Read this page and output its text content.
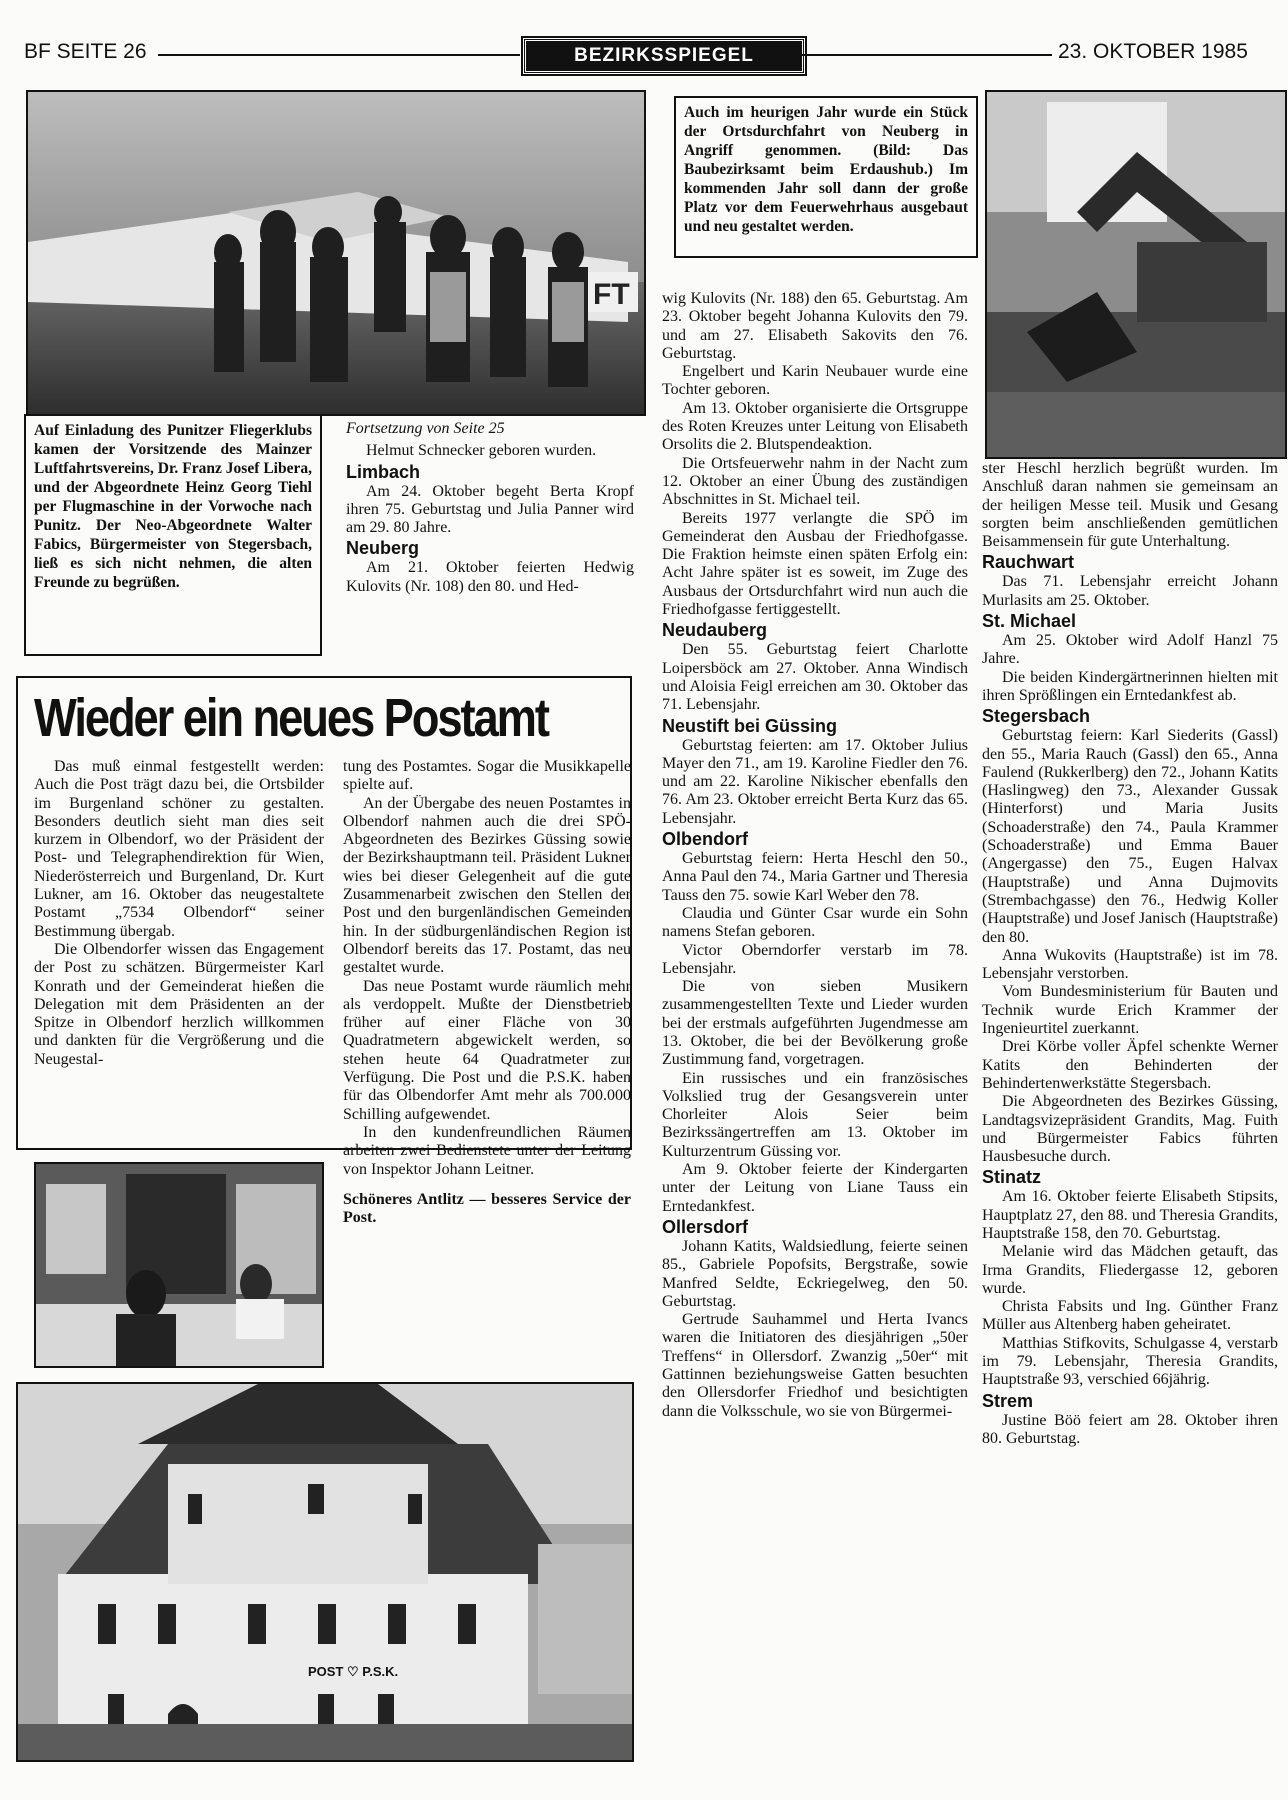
BF SEITE 26	BEZIRKSSPIEGEL	23. OKTOBER 1985
FT
Auf Einladung des Punitzer Fliegerklubs kamen der Vorsitzende des Mainzer Luftfahrtsvereins, Dr. Franz Josef Libera, und der Abgeordnete Heinz Georg Tiehl per Flugmaschine in der Vorwoche nach Punitz. Der Neo-Abgeordnete Walter Fabics, Bürgermeister von Stegersbach, ließ es sich nicht nehmen, die alten Freunde zu begrüßen.
Auch im heurigen Jahr wurde ein Stück der Ortsdurchfahrt von Neuberg in Angriff genommen. (Bild: Das Baubezirksamt beim Erdaushub.) Im kommenden Jahr soll dann der große Platz vor dem Feuerwehrhaus ausgebaut und neu gestaltet werden.

Fortsetzung von Seite 25

Helmut Schnecker geboren wurden.

Limbach

Am 24. Oktober begeht Berta Kropf ihren 75. Geburtstag und Julia Panner wird am 29. 80 Jahre.

Neuberg

Am 21. Oktober feierten Hedwig Kulovits (Nr. 108) den 80. und Hed-

Wieder ein neues Postamt

Das muß einmal festgestellt werden: Auch die Post trägt dazu bei, die Ortsbilder im Burgenland schöner zu gestalten. Besonders deutlich sieht man dies seit kurzem in Olbendorf, wo der Präsident der Post- und Telegraphendirektion für Wien, Niederösterreich und Burgenland, Dr. Kurt Lukner, am 16. Oktober das neugestaltete Postamt „7534 Olbendorf“ seiner Bestimmung übergab.

Die Olbendorfer wissen das Engagement der Post zu schätzen. Bürgermeister Karl Konrath und der Gemeinderat hießen die Delegation mit dem Präsidenten an der Spitze in Olbendorf herzlich willkommen und dankten für die Vergrößerung und die Neugestal-

tung des Postamtes. Sogar die Musikkapelle spielte auf.

An der Übergabe des neuen Postamtes in Olbendorf nahmen auch die drei SPÖ-Abgeordneten des Bezirkes Güssing sowie der Bezirkshauptmann teil. Präsident Lukner wies bei dieser Gelegenheit auf die gute Zusammenarbeit zwischen den Stellen der Post und den burgenländischen Gemeinden hin. In der südburgenländischen Region ist Olbendorf bereits das 17. Postamt, das neu gestaltet wurde.

Das neue Postamt wurde räumlich mehr als verdoppelt. Mußte der Dienstbetrieb früher auf einer Fläche von 30 Quadratmetern abgewickelt werden, so stehen heute 64 Quadratmeter zur Verfügung. Die Post und die P.S.K. haben für das Olbendorfer Amt mehr als 700.000 Schilling aufgewendet.

In den kundenfreundlichen Räumen arbeiten zwei Bedienstete unter der Leitung von Inspektor Johann Leitner.

Schöneres Antlitz — besseres Service der Post.

POST ♡ P.S.K.

wig Kulovits (Nr. 188) den 65. Geburtstag. Am 23. Oktober begeht Johanna Kulovits den 79. und am 27. Elisabeth Sakovits den 76. Geburtstag.

Engelbert und Karin Neubauer wurde eine Tochter geboren.

Am 13. Oktober organisierte die Ortsgruppe des Roten Kreuzes unter Leitung von Elisabeth Orsolits die 2. Blutspendeaktion.

Die Ortsfeuerwehr nahm in der Nacht zum 12. Oktober an einer Übung des zuständigen Abschnittes in St. Michael teil.

Bereits 1977 verlangte die SPÖ im Gemeinderat den Ausbau der Friedhofgasse. Die Fraktion heimste einen späten Erfolg ein: Acht Jahre später ist es soweit, im Zuge des Ausbaus der Ortsdurchfahrt wird nun auch die Friedhofgasse fertiggestellt.

Neudauberg

Den 55. Geburtstag feiert Charlotte Loipersböck am 27. Oktober. Anna Windisch und Aloisia Feigl erreichen am 30. Oktober das 71. Lebensjahr.

Neustift bei Güssing

Geburtstag feierten: am 17. Oktober Julius Mayer den 71., am 19. Karoline Fiedler den 76. und am 22. Karoline Nikischer ebenfalls den 76. Am 23. Oktober erreicht Berta Kurz das 65. Lebensjahr.

Olbendorf

Geburtstag feiern: Herta Heschl den 50., Anna Paul den 74., Maria Gartner und Theresia Tauss den 75. sowie Karl Weber den 78.

Claudia und Günter Csar wurde ein Sohn namens Stefan geboren.

Victor Oberndorfer verstarb im 78. Lebensjahr.

Die von sieben Musikern zusammengestellten Texte und Lieder wurden bei der erstmals aufgeführten Jugendmesse am 13. Oktober, die bei der Bevölkerung große Zustimmung fand, vorgetragen.

Ein russisches und ein französisches Volkslied trug der Gesangsverein unter Chorleiter Alois Seier beim Bezirkssängertreffen am 13. Oktober im Kulturzentrum Güssing vor.

Am 9. Oktober feierte der Kindergarten unter der Leitung von Liane Tauss ein Erntedankfest.

Ollersdorf

Johann Katits, Waldsiedlung, feierte seinen 85., Gabriele Popofsits, Bergstraße, sowie Manfred Seldte, Eckriegelweg, den 50. Geburtstag.

Gertrude Sauhammel und Herta Ivancs waren die Initiatoren des diesjährigen „50er Treffens“ in Ollersdorf. Zwanzig „50er“ mit Gattinnen beziehungsweise Gatten besuchten den Ollersdorfer Friedhof und besichtigten dann die Volksschule, wo sie von Bürgermei-

ster Heschl herzlich begrüßt wurden. Im Anschluß daran nahmen sie gemeinsam an der heiligen Messe teil. Musik und Gesang sorgten beim anschließenden gemütlichen Beisammensein für gute Unterhaltung.

Rauchwart

Das 71. Lebensjahr erreicht Johann Murlasits am 25. Oktober.

St. Michael

Am 25. Oktober wird Adolf Hanzl 75 Jahre.

Die beiden Kindergärtnerinnen hielten mit ihren Sprößlingen ein Erntedankfest ab.

Stegersbach

Geburtstag feiern: Karl Siederits (Gassl) den 55., Maria Rauch (Gassl) den 65., Anna Faulend (Rukkerlberg) den 72., Johann Katits (Haslingweg) den 73., Alexander Gussak (Hinterforst) und Maria Jusits (Schoaderstraße) den 74., Paula Krammer (Schoaderstraße) und Emma Bauer (Angergasse) den 75., Eugen Halvax (Hauptstraße) und Anna Dujmovits (Strembachgasse) den 76., Hedwig Koller (Hauptstraße) und Josef Janisch (Hauptstraße) den 80.

Anna Wukovits (Hauptstraße) ist im 78. Lebensjahr verstorben.

Vom Bundesministerium für Bauten und Technik wurde Erich Krammer der Ingenieurtitel zuerkannt.

Drei Körbe voller Äpfel schenkte Werner Katits den Behinderten der Behindertenwerkstätte Stegersbach.

Die Abgeordneten des Bezirkes Güssing, Landtagsvizepräsident Grandits, Mag. Fuith und Bürgermeister Fabics führten Hausbesuche durch.

Stinatz

Am 16. Oktober feierte Elisabeth Stipsits, Hauptplatz 27, den 88. und Theresia Grandits, Hauptstraße 158, den 70. Geburtstag.

Melanie wird das Mädchen getauft, das Irma Grandits, Fliedergasse 12, geboren wurde.

Christa Fabsits und Ing. Günther Franz Müller aus Altenberg haben geheiratet.

Matthias Stifkovits, Schulgasse 4, verstarb im 79. Lebensjahr, Theresia Grandits, Hauptstraße 93, verschied 66jährig.

Strem

Justine Böö feiert am 28. Oktober ihren 80. Geburtstag.
